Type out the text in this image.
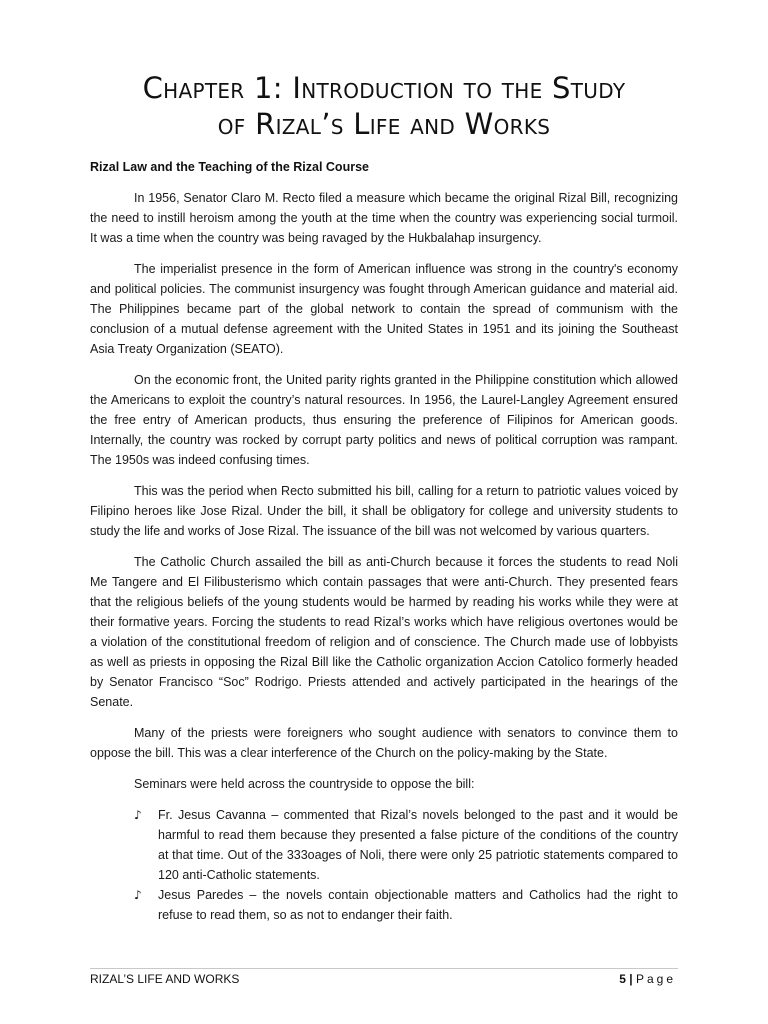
Chapter 1: Introduction to the Study
of Rizal’s Life and Works
Rizal Law and the Teaching of the Rizal Course

In 1956, Senator Claro M. Recto filed a measure which became the original Rizal Bill, recognizing the need to instill heroism among the youth at the time when the country was experiencing social turmoil. It was a time when the country was being ravaged by the Hukbalahap insurgency.

The imperialist presence in the form of American influence was strong in the country's economy and political policies. The communist insurgency was fought through American guidance and material aid. The Philippines became part of the global network to contain the spread of communism with the conclusion of a mutual defense agreement with the United States in 1951 and its joining the Southeast Asia Treaty Organization (SEATO).

On the economic front, the United parity rights granted in the Philippine constitution which allowed the Americans to exploit the country’s natural resources. In 1956, the Laurel-Langley Agreement ensured the free entry of American products, thus ensuring the preference of Filipinos for American goods. Internally, the country was rocked by corrupt party politics and news of political corruption was rampant. The 1950s was indeed confusing times.

This was the period when Recto submitted his bill, calling for a return to patriotic values voiced by Filipino heroes like Jose Rizal. Under the bill, it shall be obligatory for college and university students to study the life and works of Jose Rizal. The issuance of the bill was not welcomed by various quarters.

The Catholic Church assailed the bill as anti-Church because it forces the students to read Noli Me Tangere and El Filibusterismo which contain passages that were anti-Church. They presented fears that the religious beliefs of the young students would be harmed by reading his works while they were at their formative years. Forcing the students to read Rizal’s works which have religious overtones would be a violation of the constitutional freedom of religion and of conscience. The Church made use of lobbyists as well as priests in opposing the Rizal Bill like the Catholic organization Accion Catolico formerly headed by Senator Francisco “Soc” Rodrigo. Priests attended and actively participated in the hearings of the Senate.

Many of the priests were foreigners who sought audience with senators to convince them to oppose the bill. This was a clear interference of the Church on the policy-making by the State.

Seminars were held across the countryside to oppose the bill:

♪ Fr. Jesus Cavanna – commented that Rizal’s novels belonged to the past and it would be harmful to read them because they presented a false picture of the conditions of the country at that time. Out of the 333oages of Noli, there were only 25 patriotic statements compared to 120 anti-Catholic statements.
♪ Jesus Paredes – the novels contain objectionable matters and Catholics had the right to refuse to read them, so as not to endanger their faith.
RIZAL’S LIFE AND WORKS	5 | Page
